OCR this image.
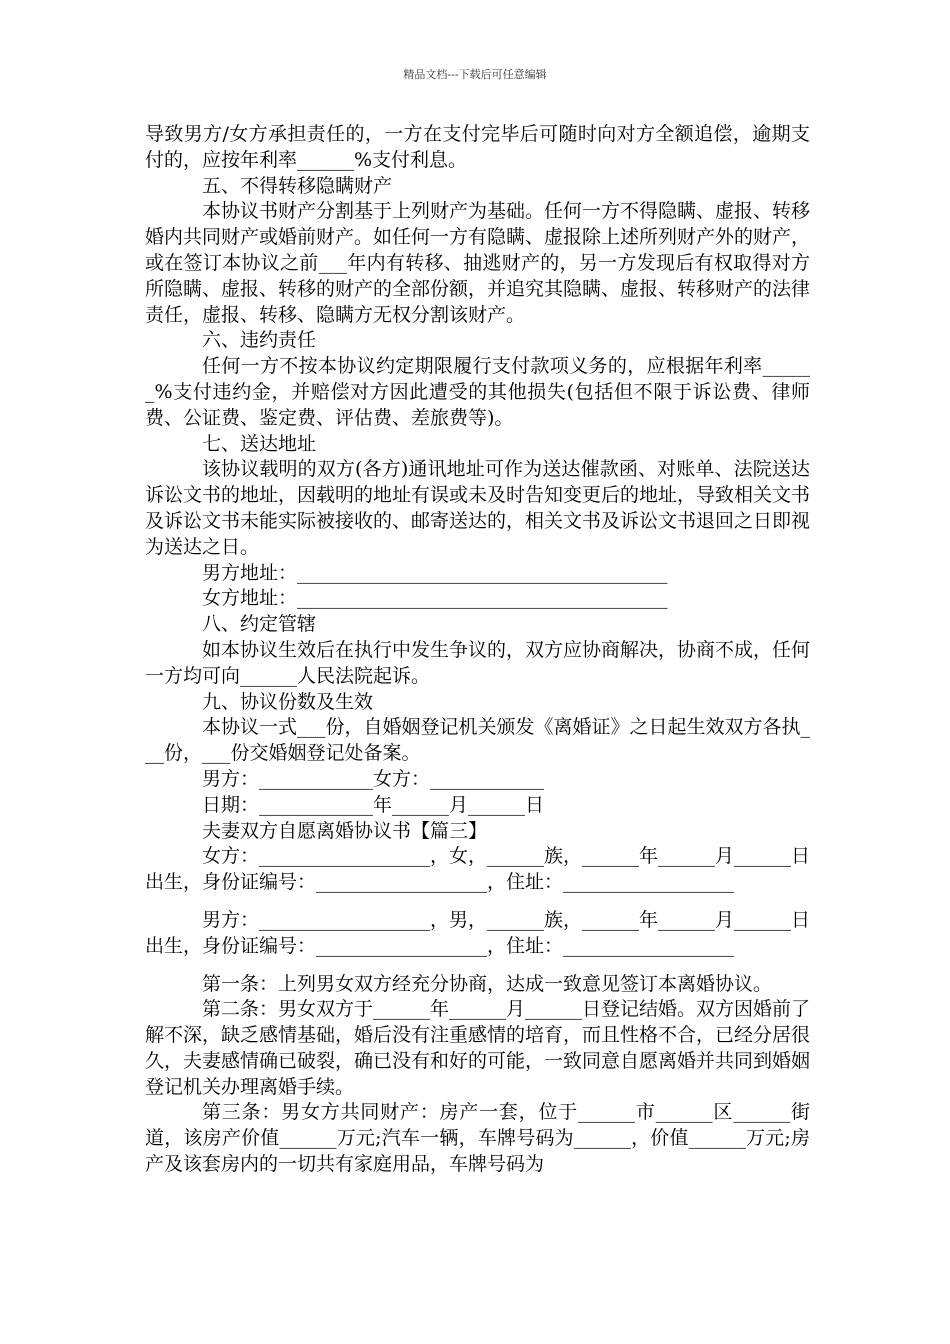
精品文档---下载后可任意编辑

导致男方/女方承担责任的，一方在支付完毕后可随时向对方全额追偿，逾期支付的，应按年利率______%支付利息。

五、不得转移隐瞒财产

本协议书财产分割基于上列财产为基础。任何一方不得隐瞒、虚报、转移婚内共同财产或婚前财产。如任何一方有隐瞒、虚报除上述所列财产外的财产，或在签订本协议之前___年内有转移、抽逃财产的，另一方发现后有权取得对方所隐瞒、虚报、转移的财产的全部份额，并追究其隐瞒、虚报、转移财产的法律责任，虚报、转移、隐瞒方无权分割该财产。

六、违约责任

任何一方不按本协议约定期限履行支付款项义务的，应根据年利率______%支付违约金，并赔偿对方因此遭受的其他损失(包括但不限于诉讼费、律师费、公证费、鉴定费、评估费、差旅费等)。

七、送达地址

该协议载明的双方(各方)通讯地址可作为送达催款函、对账单、法院送达诉讼文书的地址，因载明的地址有误或未及时告知变更后的地址，导致相关文书及诉讼文书未能实际被接收的、邮寄送达的，相关文书及诉讼文书退回之日即视为送达之日。

男方地址：_______________________________________

女方地址：_______________________________________

八、约定管辖

如本协议生效后在执行中发生争议的，双方应协商解决，协商不成，任何一方均可向______人民法院起诉。

九、协议份数及生效

本协议一式___份，自婚姻登记机关颁发《离婚证》之日起生效双方各执___份，___份交婚姻登记处备案。

男方：____________女方：____________

日期：____________年______月______日

夫妻双方自愿离婚协议书【篇三】

女方：__________________，女，______族，______年______月______日出生，身份证编号：__________________，住址：__________________

男方：__________________，男，______族，______年______月______日出生，身份证编号：__________________，住址：__________________

第一条：上列男女双方经充分协商，达成一致意见签订本离婚协议。

第二条：男女双方于______年______月______日登记结婚。双方因婚前了解不深，缺乏感情基础，婚后没有注重感情的培育，而且性格不合，已经分居很久，夫妻感情确已破裂，确已没有和好的可能，一致同意自愿离婚并共同到婚姻登记机关办理离婚手续。

第三条：男女方共同财产：房产一套，位于______市______区______街道，该房产价值______万元;汽车一辆，车牌号码为______，价值______万元;房产及该套房内的一切共有家庭用品，车牌号码为
